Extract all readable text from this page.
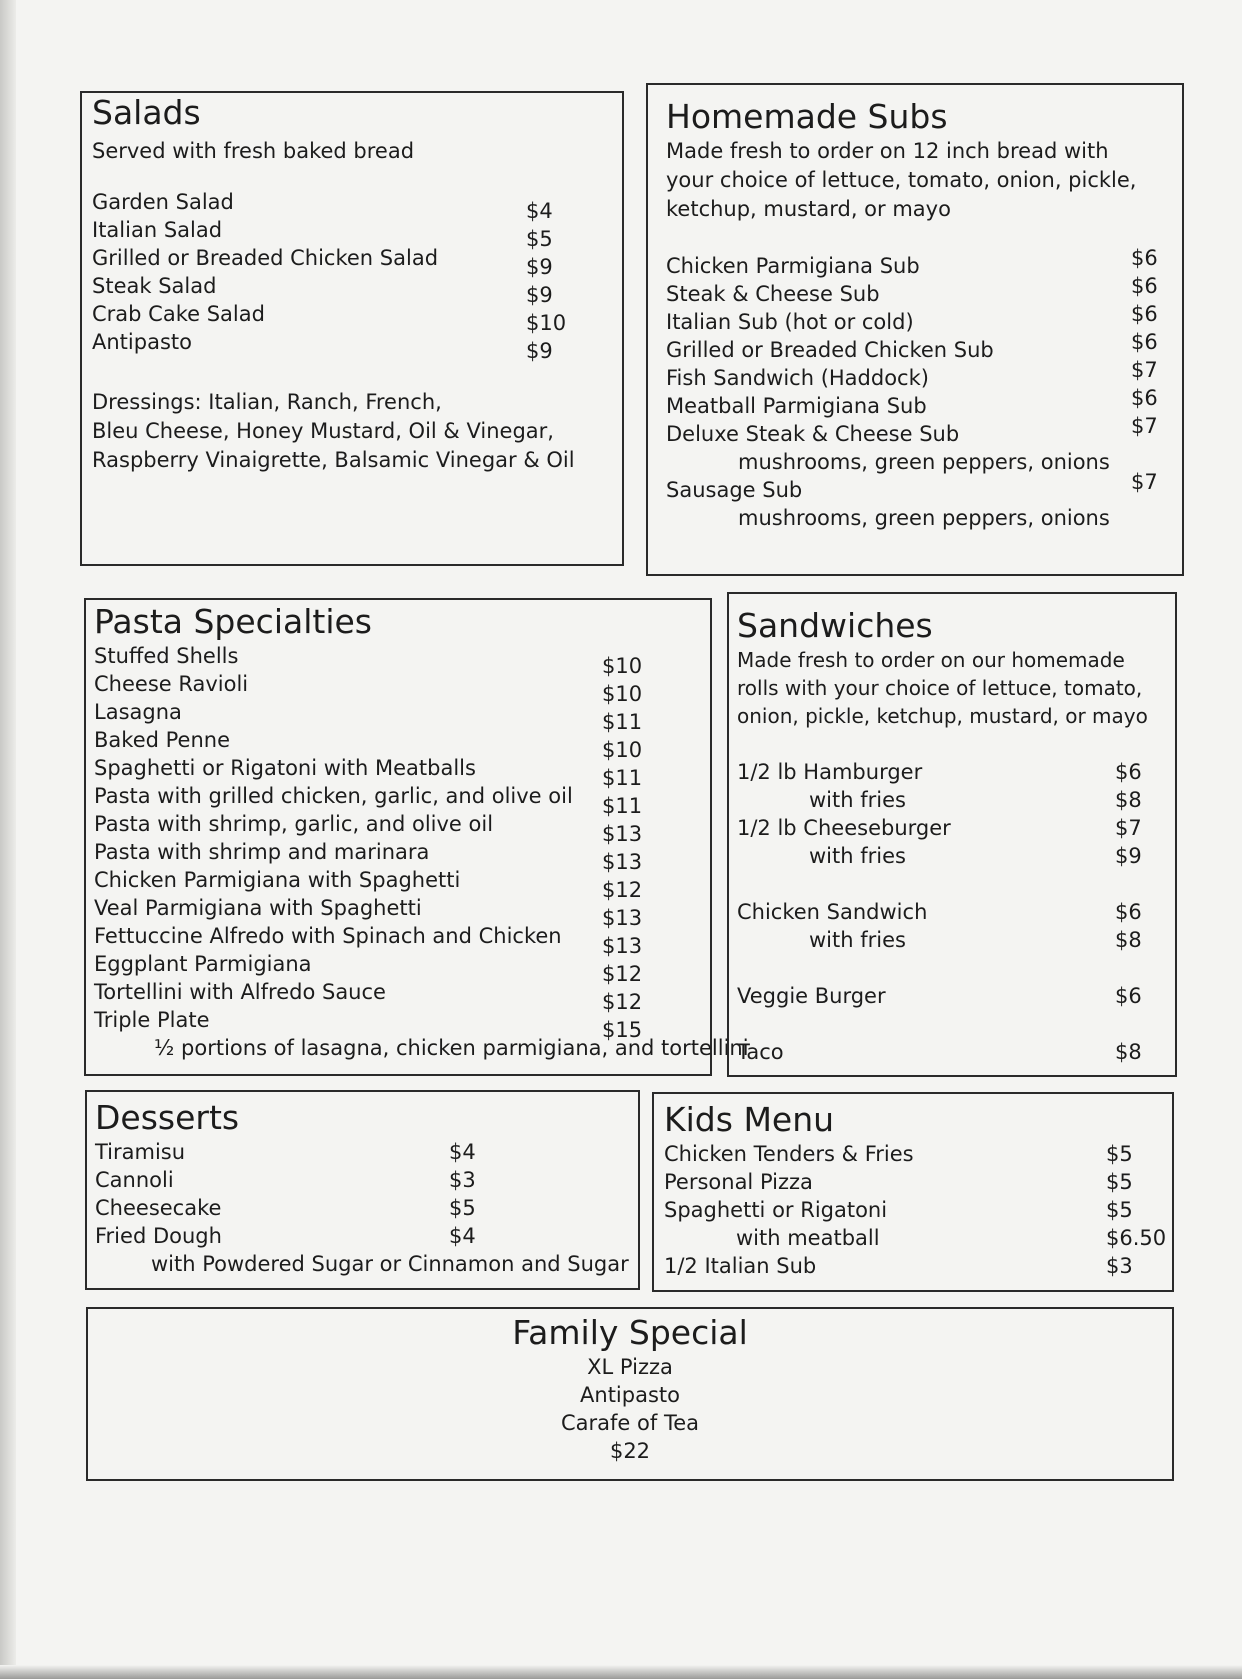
Salads
Served with fresh baked bread
Garden Salad	$4
Italian Salad	$5
Grilled or Breaded Chicken Salad	$9
Steak Salad	$9
Crab Cake Salad	$10
Antipasto	$9
Dressings: Italian, Ranch, French,
Bleu Cheese, Honey Mustard, Oil & Vinegar,
Raspberry Vinaigrette, Balsamic Vinegar & Oil
Homemade Subs
Made fresh to order on 12 inch bread with
your choice of lettuce, tomato, onion, pickle,
ketchup, mustard, or mayo
Chicken Parmigiana Sub	$6
Steak & Cheese Sub	$6
Italian Sub (hot or cold)	$6
Grilled or Breaded Chicken Sub	$6
Fish Sandwich (Haddock)	$7
Meatball Parmigiana Sub	$6
Deluxe Steak & Cheese Sub	$7
mushrooms, green peppers, onions
Sausage Sub	$7
mushrooms, green peppers, onions
Pasta Specialties
Stuffed Shells	$10
Cheese Ravioli	$10
Lasagna	$11
Baked Penne	$10
Spaghetti or Rigatoni with Meatballs	$11
Pasta with grilled chicken, garlic, and olive oil $11
Pasta with shrimp, garlic, and olive oil	$13
Pasta with shrimp and marinara	$13
Chicken Parmigiana with Spaghetti	$12
Veal Parmigiana with Spaghetti	$13
Fettuccine Alfredo with Spinach and Chicken $13
Eggplant Parmigiana	$12
Tortellini with Alfredo Sauce	$12
Triple Plate	$15
½ portions of lasagna, chicken parmigiana, and tortellini
Sandwiches
Made fresh to order on our homemade
rolls with your choice of lettuce, tomato,
onion, pickle, ketchup, mustard, or mayo
1/2 lb Hamburger	$6
with fries	$8
1/2 lb Cheeseburger	$7
with fries	$9
Chicken Sandwich	$6
with fries	$8
Veggie Burger	$6
Taco	$8
Desserts
Tiramisu	$4
Cannoli	$3
Cheesecake	$5
Fried Dough	$4
with Powdered Sugar or Cinnamon and Sugar
Kids Menu
Chicken Tenders & Fries	$5
Personal Pizza	$5
Spaghetti or Rigatoni	$5
with meatball	$6.50
1/2 Italian Sub	$3
Family Special
XL Pizza
Antipasto
Carafe of Tea
$22
